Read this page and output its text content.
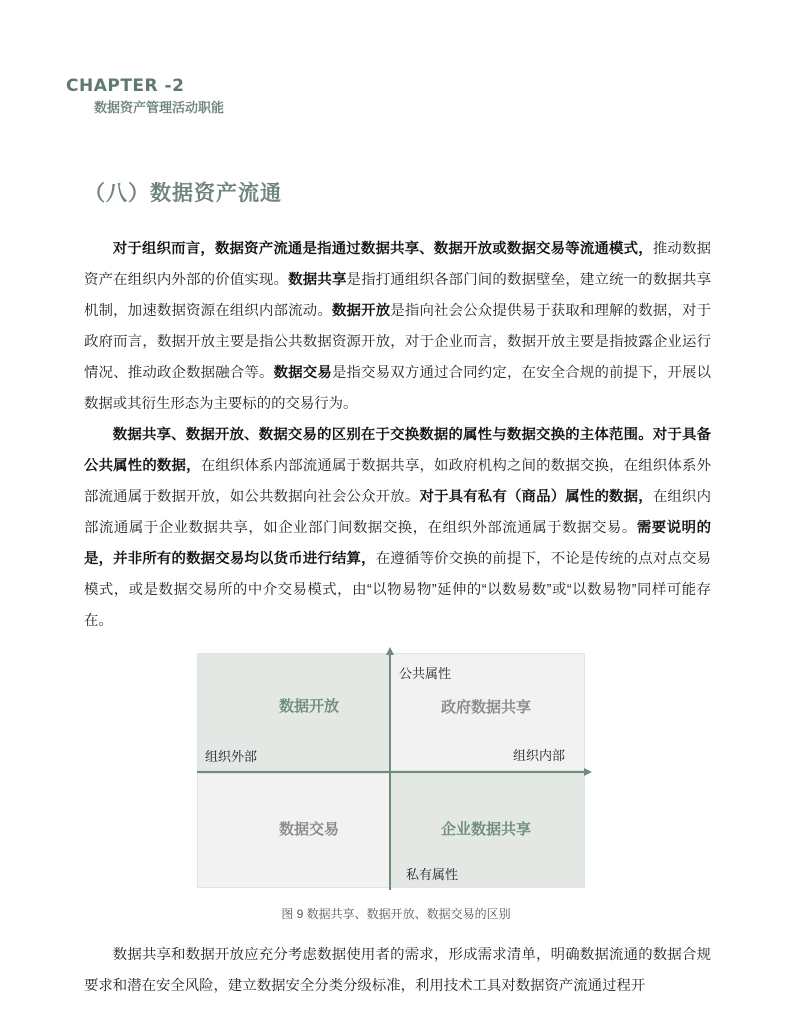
CHAPTER -2
数据资产管理活动职能
（八）数据资产流通

对于组织而言，数据资产流通是指通过数据共享、数据开放或数据交易等流通模式，推动数据资产在组织内外部的价值实现。数据共享是指打通组织各部门间的数据壁垒，建立统一的数据共享机制，加速数据资源在组织内部流动。数据开放是指向社会公众提供易于获取和理解的数据，对于政府而言，数据开放主要是指公共数据资源开放，对于企业而言，数据开放主要是指披露企业运行情况、推动政企数据融合等。数据交易是指交易双方通过合同约定，在安全合规的前提下，开展以数据或其衍生形态为主要标的的交易行为。

数据共享、数据开放、数据交易的区别在于交换数据的属性与数据交换的主体范围。对于具备公共属性的数据，在组织体系内部流通属于数据共享，如政府机构之间的数据交换，在组织体系外部流通属于数据开放，如公共数据向社会公众开放。对于具有私有（商品）属性的数据，在组织内部流通属于企业数据共享，如企业部门间数据交换，在组织外部流通属于数据交易。需要说明的是，并非所有的数据交易均以货币进行结算，在遵循等价交换的前提下，不论是传统的点对点交易模式，或是数据交易所的中介交易模式，由“以物易物”延伸的“以数易数”或“以数易物”同样可能存在。

数据开放	政府数据共享
数据交易	企业数据共享
公共属性
私有属性
组织外部	组织内部
图 9 数据共享、数据开放、数据交易的区别

数据共享和数据开放应充分考虑数据使用者的需求，形成需求清单，明确数据流通的数据合规要求和潜在安全风险，建立数据安全分类分级标准，利用技术工具对数据资产流通过程开
